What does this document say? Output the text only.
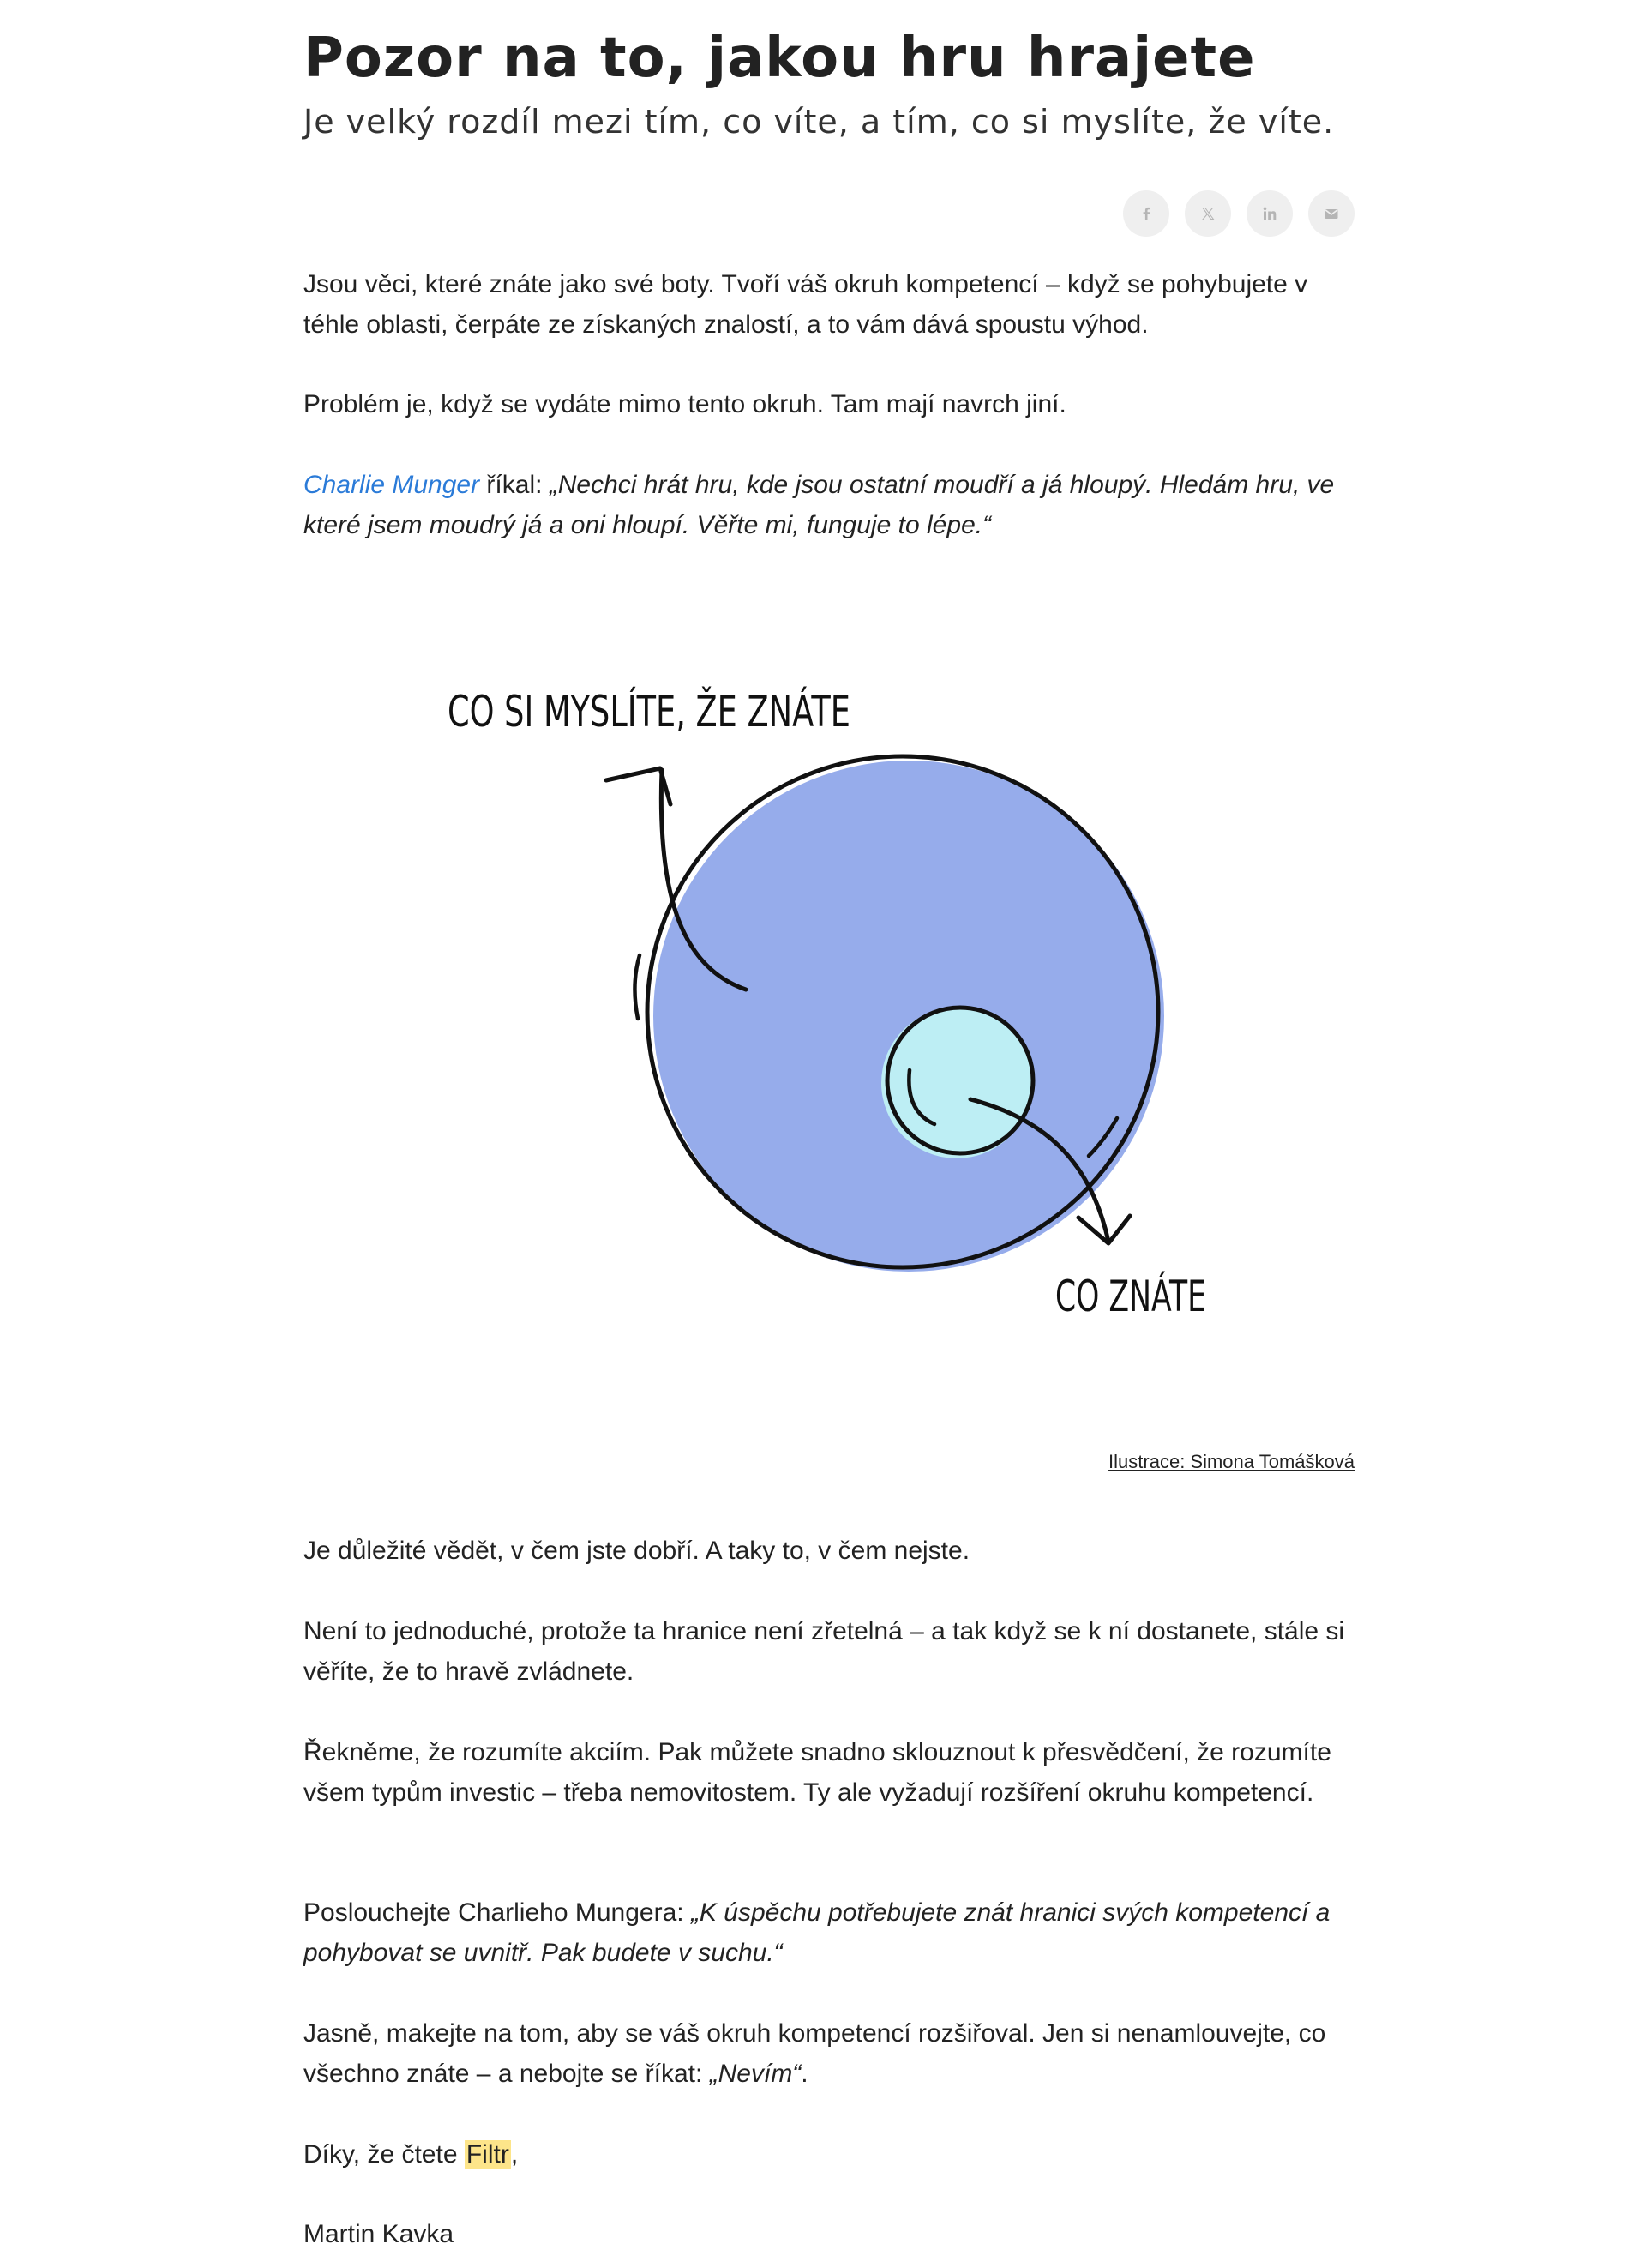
Pozor na to, jakou hru hrajete
Je velký rozdíl mezi tím, co víte, a tím, co si myslíte, že víte.

Jsou věci, které znáte jako své boty. Tvoří váš okruh kompetencí – když se pohybujete v téhle oblasti, čerpáte ze získaných znalostí, a to vám dává spoustu výhod.

Problém je, když se vydáte mimo tento okruh. Tam mají navrch jiní.

Charlie Munger říkal: „Nechci hrát hru, kde jsou ostatní moudří a já hloupý. Hledám hru, ve které jsem moudrý já a oni hloupí. Věřte mi, funguje to lépe.“

Ilustrace: Simona Tomášková

Je důležité vědět, v čem jste dobří. A taky to, v čem nejste.

Není to jednoduché, protože ta hranice není zřetelná – a tak když se k ní dostanete, stále si věříte, že to hravě zvládnete.

Řekněme, že rozumíte akciím. Pak můžete snadno sklouznout k přesvědčení, že rozumíte všem typům investic – třeba nemovitostem. Ty ale vyžadují rozšíření okruhu kompetencí.

Poslouchejte Charlieho Mungera: „K úspěchu potřebujete znát hranici svých kompetencí a pohybovat se uvnitř. Pak budete v suchu.“

Jasně, makejte na tom, aby se váš okruh kompetencí rozšiřoval. Jen si nenamlouvejte, co všechno znáte – a nebojte se říkat: „Nevím“.

Díky, že čtete Filtr,

Martin Kavka

CO SI MYSLÍTE, ŽE ZNÁTE
CO ZNÁTE
